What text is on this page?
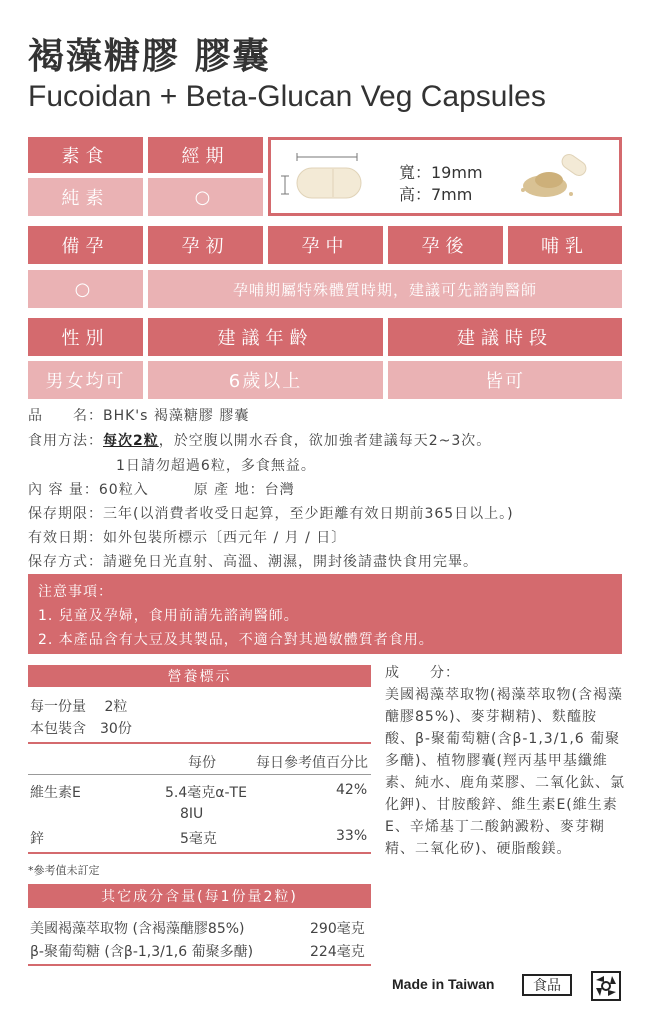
褐藻糖膠 膠囊
Fucoidan + Beta-Glucan Veg Capsules
素食	經期
純素	○
寬：19mm
高：7mm
備孕	孕初	孕中	孕後	哺乳
○	孕哺期屬特殊體質時期，建議可先諮詢醫師
性別	建議年齡	建議時段
男女均可	6歲以上	皆可
品　　名：BHK's 褐藻糖膠 膠囊
食用方法：每次2粒，於空腹以開水吞食，欲加強者建議每天2~3次。
1日請勿超過6粒，多食無益。
內 容 量：60粒入　　　原 產 地：台灣
保存期限：三年(以消費者收受日起算，至少距離有效日期前365日以上。)
有效日期：如外包裝所標示〔西元年 / 月 / 日〕
保存方式：請避免日光直射、高溫、潮濕，開封後請盡快食用完畢。
注意事項：
1. 兒童及孕婦，食用前請先諮詢醫師。
2. 本產品含有大豆及其製品，不適合對其過敏體質者食用。
營養標示
每一份量　 2粒
本包裝含　30份
每份	每日參考值百分比
維生素E	5.4毫克α-TE	42%
8IU
鋅	5毫克	33%
*參考值未訂定
其它成分含量(每1份量2粒)
美國褐藻萃取物 (含褐藻醣膠85%)	290毫克
β-聚葡萄糖 (含β-1,3/1,6 葡聚多醣)	224毫克
成　　分：
美國褐藻萃取物(褐藻萃取物(含褐藻醣膠85%)、麥芽糊精)、麩醯胺酸、β-聚葡萄糖(含β-1,3/1,6 葡聚多醣)、植物膠囊(羥丙基甲基纖維素、純水、鹿角菜膠、二氧化鈦、氯化鉀)、甘胺酸鋅、維生素E(維生素E、辛烯基丁二酸鈉澱粉、麥芽糊精、二氧化矽)、硬脂酸鎂。
Made in Taiwan	食品
